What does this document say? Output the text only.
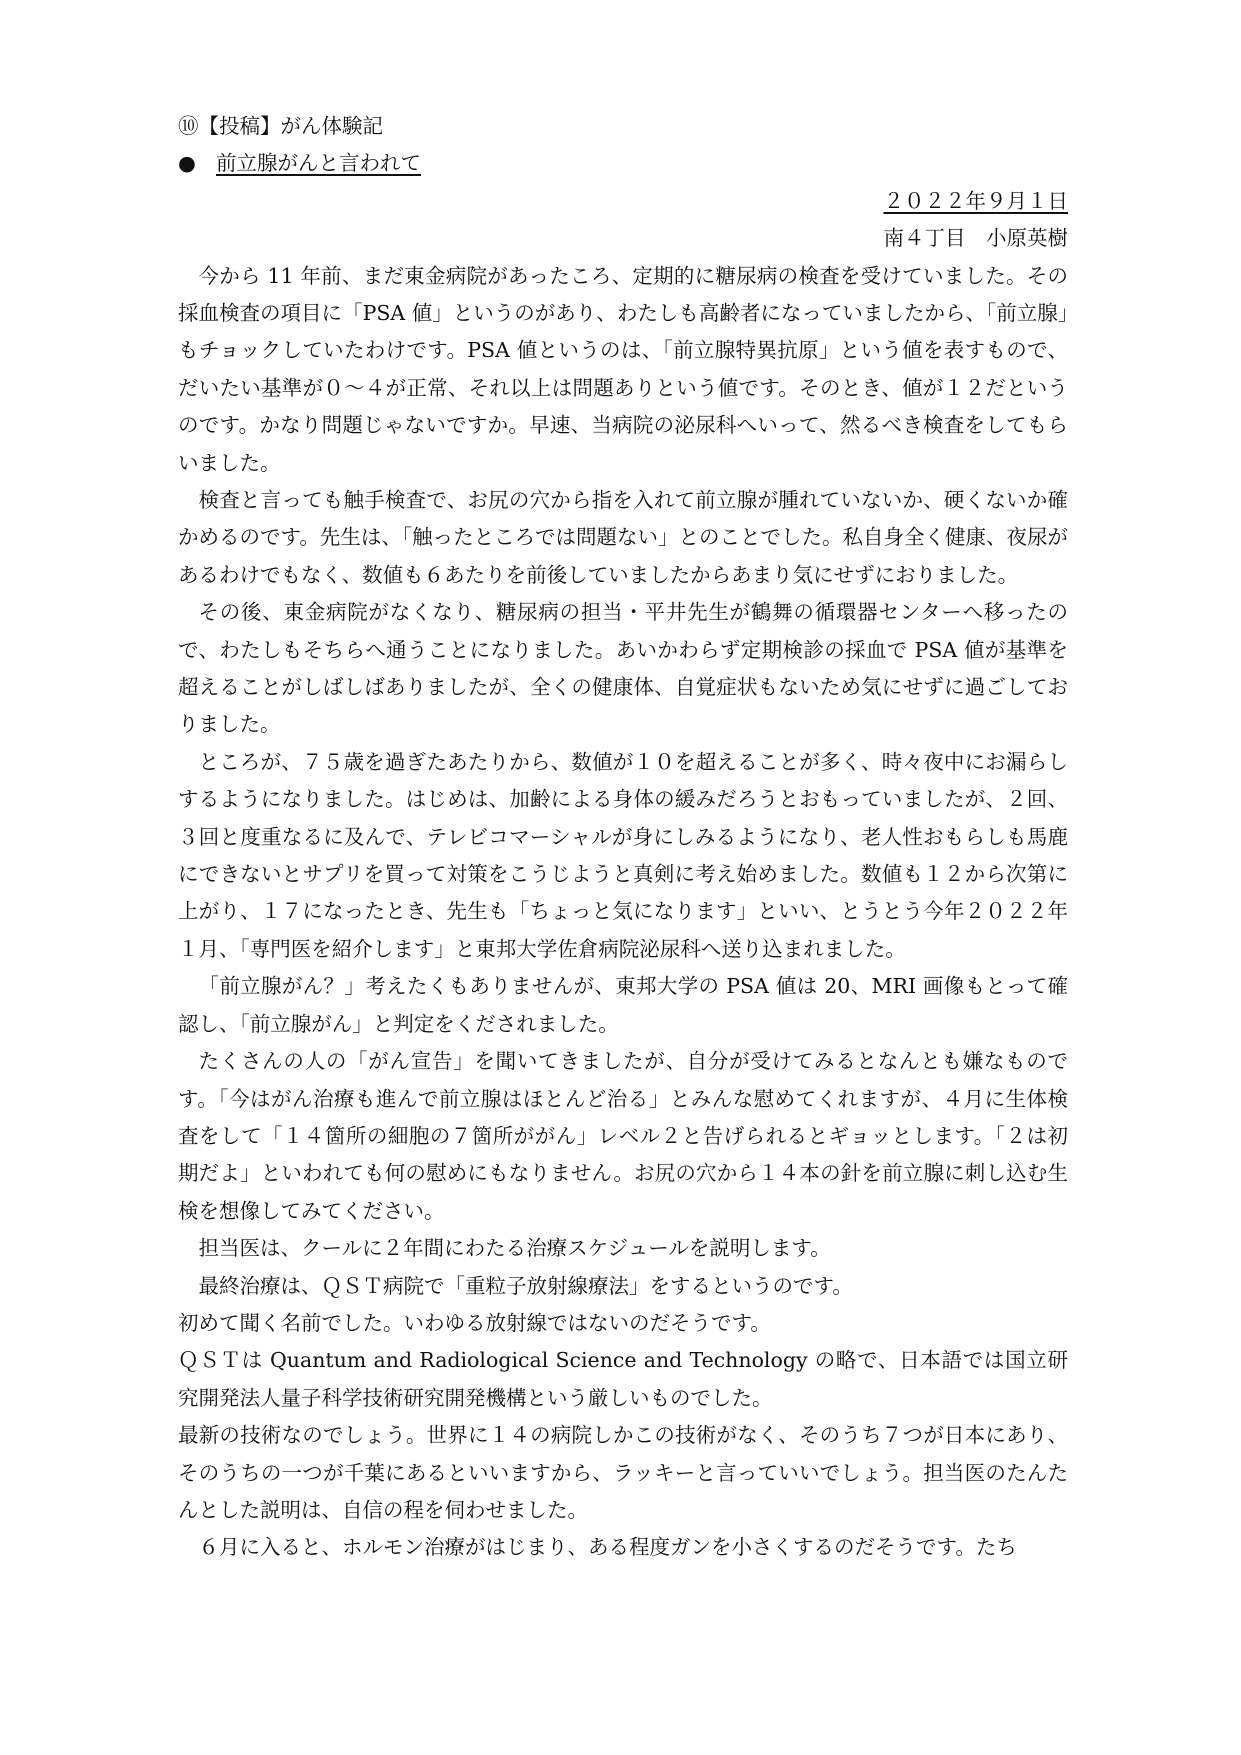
⑩【投稿】がん体験記
● 前立腺がんと言われて
２０２２年９月１日
南４丁目　小原英樹

今から 11 年前、まだ東金病院があったころ、定期的に糖尿病の検査を受けていました。その採血検査の項目に「PSA 値」というのがあり、わたしも高齢者になっていましたから、「前立腺」もチョックしていたわけです。PSA 値というのは、「前立腺特異抗原」という値を表すもので、だいたい基準が０～４が正常、それ以上は問題ありという値です。そのとき、値が１２だというのです。かなり問題じゃないですか。早速、当病院の泌尿科へいって、然るべき検査をしてもらいました。

検査と言っても触手検査で、お尻の穴から指を入れて前立腺が腫れていないか、硬くないか確かめるのです。先生は、「触ったところでは問題ない」とのことでした。私自身全く健康、夜尿があるわけでもなく、数値も６あたりを前後していましたからあまり気にせずにおりました。

その後、東金病院がなくなり、糖尿病の担当・平井先生が鶴舞の循環器センターへ移ったので、わたしもそちらへ通うことになりました。あいかわらず定期検診の採血で PSA 値が基準を超えることがしばしばありましたが、全くの健康体、自覚症状もないため気にせずに過ごしておりました。

ところが、７５歳を過ぎたあたりから、数値が１０を超えることが多く、時々夜中にお漏らしするようになりました。はじめは、加齢による身体の緩みだろうとおもっていましたが、２回、３回と度重なるに及んで、テレビコマーシャルが身にしみるようになり、老人性おもらしも馬鹿にできないとサプリを買って対策をこうじようと真剣に考え始めました。数値も１２から次第に上がり、１７になったとき、先生も「ちょっと気になります」といい、とうとう今年２０２２年１月、「専門医を紹介します」と東邦大学佐倉病院泌尿科へ送り込まれました。

「前立腺がん？」考えたくもありませんが、東邦大学の PSA 値は 20、MRI 画像もとって確認し、「前立腺がん」と判定をくだされました。

たくさんの人の「がん宣告」を聞いてきましたが、自分が受けてみるとなんとも嫌なものです。「今はがん治療も進んで前立腺はほとんど治る」とみんな慰めてくれますが、４月に生体検査をして「１４箇所の細胞の７箇所ががん」レベル２と告げられるとギョッとします。「２は初期だよ」といわれても何の慰めにもなりません。お尻の穴から１４本の針を前立腺に刺し込む生検を想像してみてください。

担当医は、クールに２年間にわたる治療スケジュールを説明します。

最終治療は、ＱＳＴ病院で「重粒子放射線療法」をするというのです。

初めて聞く名前でした。いわゆる放射線ではないのだそうです。

ＱＳＴは Quantum and Radiological Science and Technology の略で、日本語では国立研究開発法人量子科学技術研究開発機構という厳しいものでした。

最新の技術なのでしょう。世界に１４の病院しかこの技術がなく、そのうち７つが日本にあり、そのうちの一つが千葉にあるといいますから、ラッキーと言っていいでしょう。担当医のたんたんとした説明は、自信の程を伺わせました。

６月に入ると、ホルモン治療がはじまり、ある程度ガンを小さくするのだそうです。たち
